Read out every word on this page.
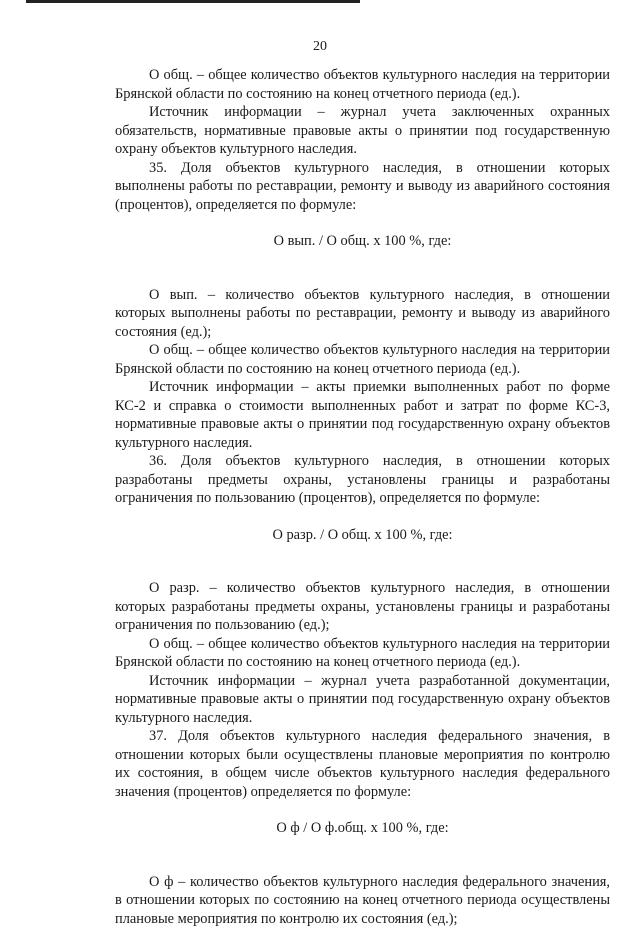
20

О общ. – общее количество объектов культурного наследия на территории Брянской области по состоянию на конец отчетного периода (ед.).

Источник информации – журнал учета заключенных охранных обязательств, нормативные правовые акты о принятии под государственную охрану объектов культурного наследия.

35. Доля объектов культурного наследия, в отношении которых выполнены работы по реставрации, ремонту и выводу из аварийного состояния (процентов), определяется по формуле:

О вып. / О общ. х 100 %, где:

О вып. – количество объектов культурного наследия, в отношении которых выполнены работы по реставрации, ремонту и выводу из аварийного состояния (ед.);

О общ. – общее количество объектов культурного наследия на территории Брянской области по состоянию на конец отчетного периода (ед.).

Источник информации – акты приемки выполненных работ по форме КС-2 и справка о стоимости выполненных работ и затрат по форме КС-3, нормативные правовые акты о принятии под государственную охрану объектов культурного наследия.

36. Доля объектов культурного наследия, в отношении которых разработаны предметы охраны, установлены границы и разработаны ограничения по пользованию (процентов), определяется по формуле:

О разр. / О общ. х 100 %, где:

О разр. – количество объектов культурного наследия, в отношении которых разработаны предметы охраны, установлены границы и разработаны ограничения по пользованию (ед.);

О общ. – общее количество объектов культурного наследия на территории Брянской области по состоянию на конец отчетного периода (ед.).

Источник информации – журнал учета разработанной документации, нормативные правовые акты о принятии под государственную охрану объектов культурного наследия.

37. Доля объектов культурного наследия федерального значения, в отношении которых были осуществлены плановые мероприятия по контролю их состояния, в общем числе объектов культурного наследия федерального значения (процентов) определяется по формуле:

О ф / О ф.общ. х 100 %, где:

О ф – количество объектов культурного наследия федерального значения, в отношении которых по состоянию на конец отчетного периода осуществлены плановые мероприятия по контролю их состояния (ед.);
